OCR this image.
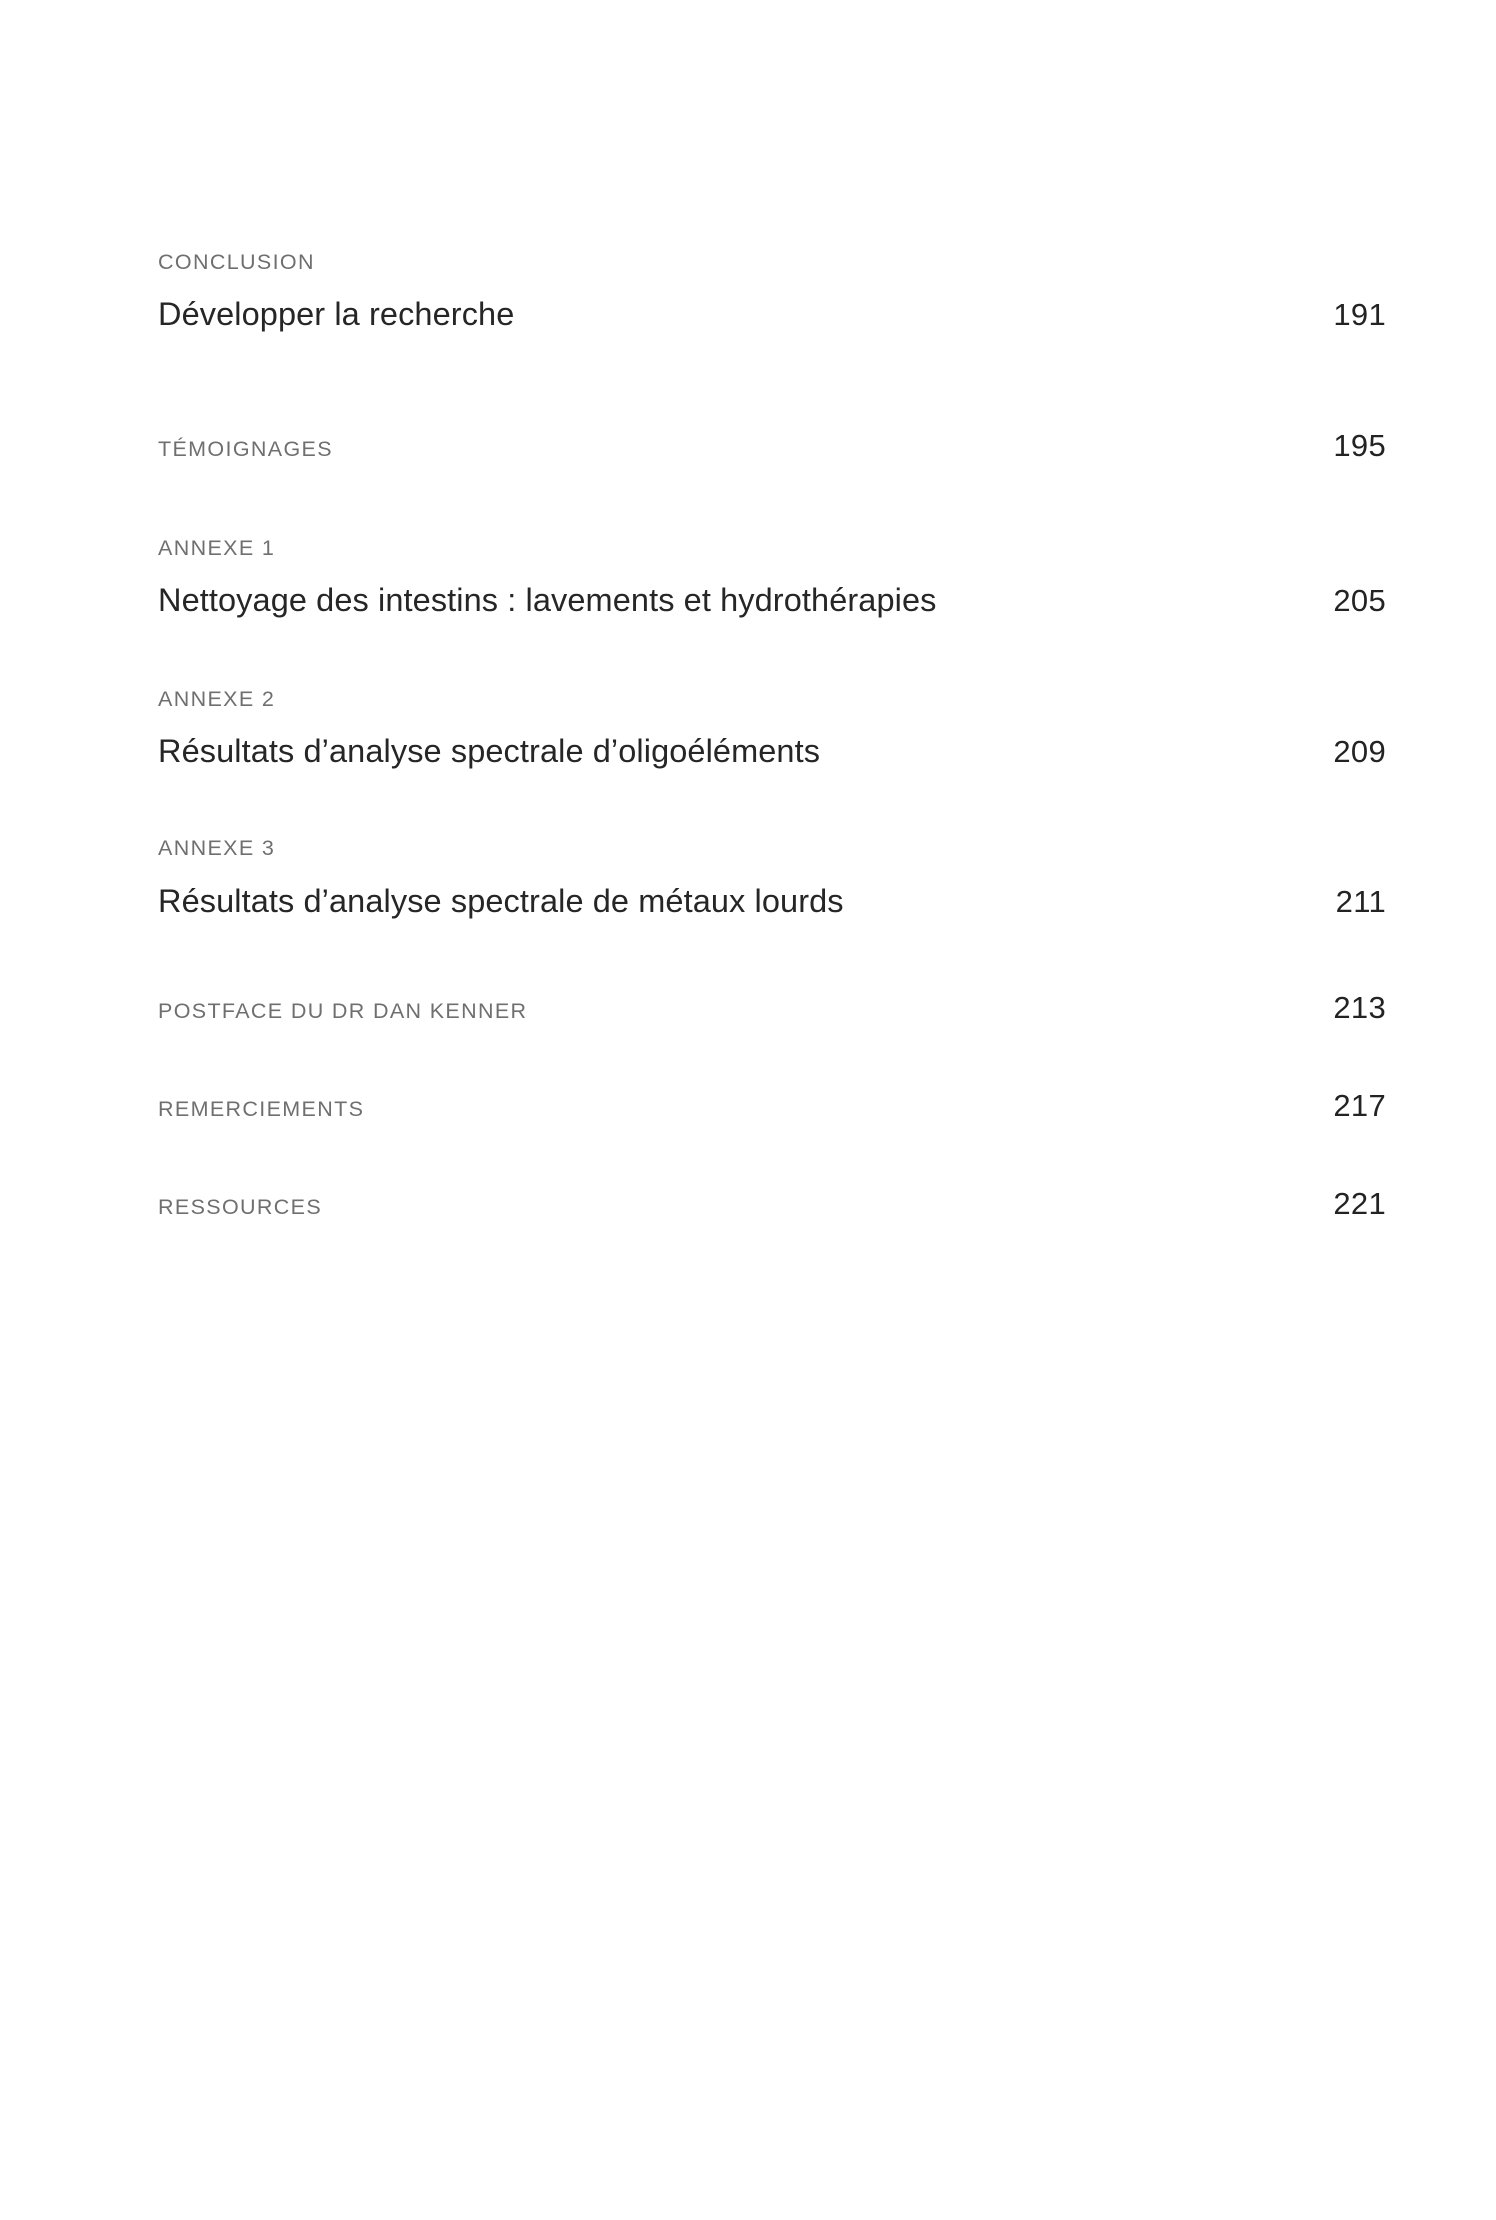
CONCLUSION
Développer la recherche	191
TÉMOIGNAGES	195
ANNEXE 1
Nettoyage des intestins : lavements et hydrothérapies	205
ANNEXE 2
Résultats d’analyse spectrale d’oligoéléments	209
ANNEXE 3
Résultats d’analyse spectrale de métaux lourds	211
POSTFACE DU DR DAN KENNER	213
REMERCIEMENTS	217
RESSOURCES	221
